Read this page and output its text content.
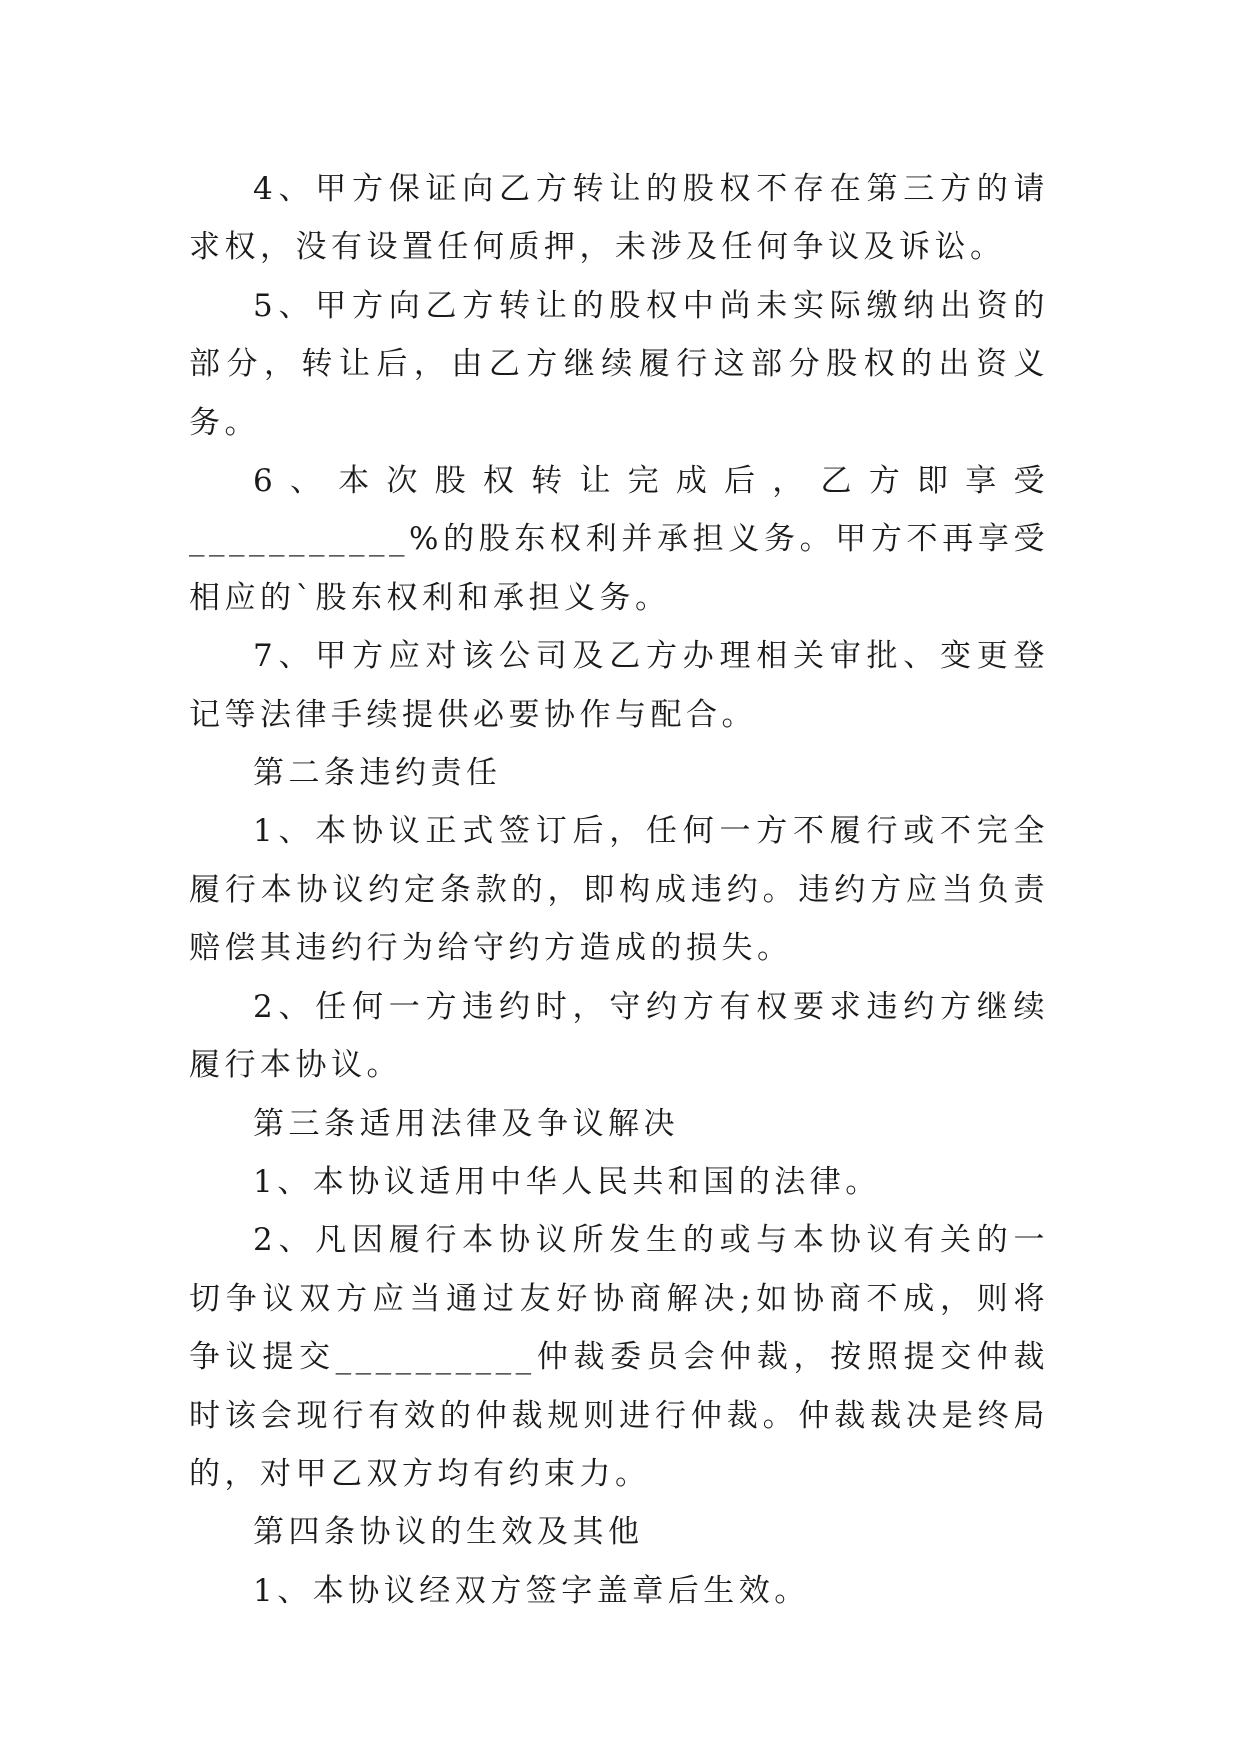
4、甲方保证向乙方转让的股权不存在第三方的请求权，没有设置任何质押，未涉及任何争议及诉讼。

5、甲方向乙方转让的股权中尚未实际缴纳出资的部分，转让后，由乙方继续履行这部分股权的出资义务。

6、本次股权转让完成后，乙方即享受___________%的股东权利并承担义务。甲方不再享受相应的`股东权利和承担义务。

7、甲方应对该公司及乙方办理相关审批、变更登记等法律手续提供必要协作与配合。

第二条违约责任

1、本协议正式签订后，任何一方不履行或不完全履行本协议约定条款的，即构成违约。违约方应当负责赔偿其违约行为给守约方造成的损失。

2、任何一方违约时，守约方有权要求违约方继续履行本协议。

第三条适用法律及争议解决

1、本协议适用中华人民共和国的法律。

2、凡因履行本协议所发生的或与本协议有关的一切争议双方应当通过友好协商解决;如协商不成，则将争议提交__________仲裁委员会仲裁，按照提交仲裁时该会现行有效的仲裁规则进行仲裁。仲裁裁决是终局的，对甲乙双方均有约束力。

第四条协议的生效及其他

1、本协议经双方签字盖章后生效。
